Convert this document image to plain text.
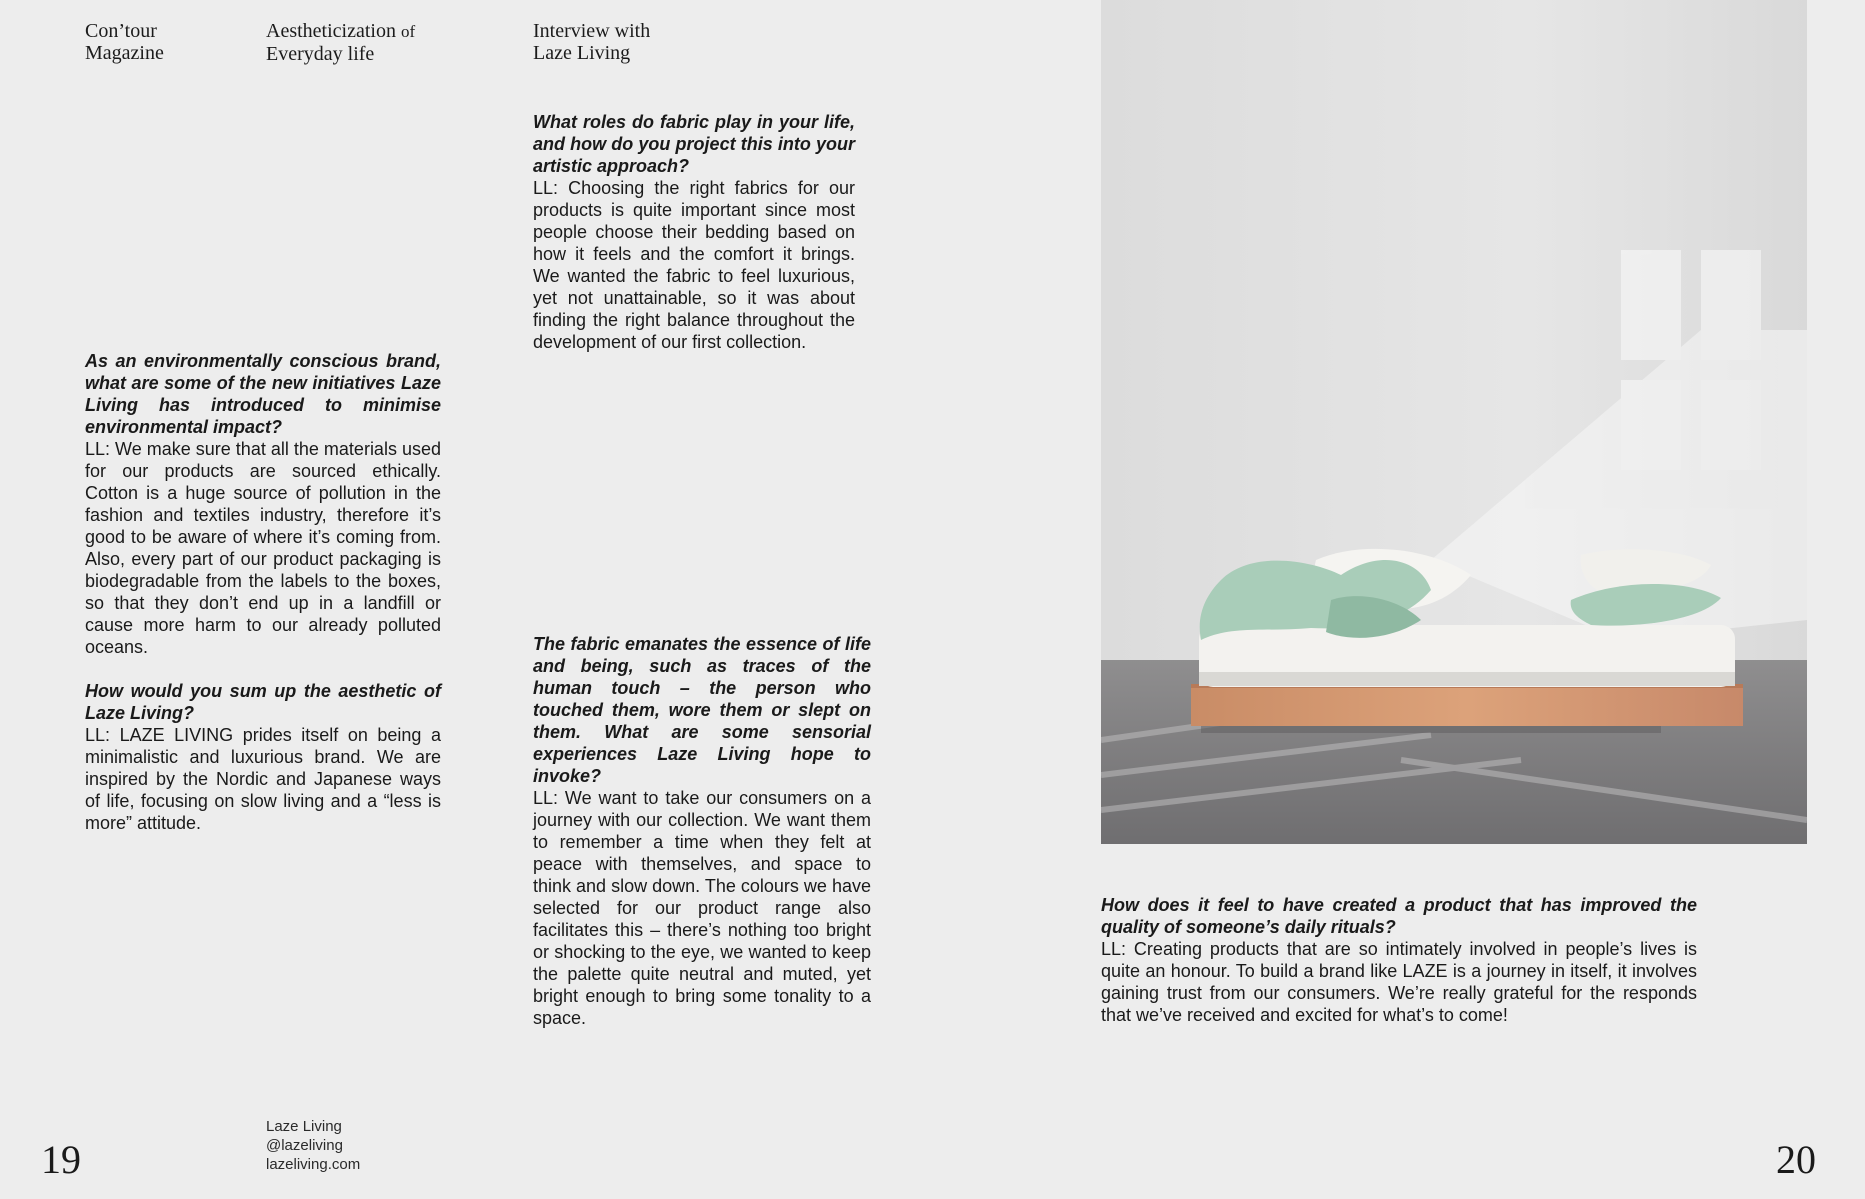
Con’tour
Magazine
Aestheticization of
Everyday life
Interview with
Laze Living
As an environmentally conscious brand, what are some of the new initiatives Laze Living has introduced to minimise environmental impact?
LL: We make sure that all the materials used for our products are sourced ethically. Cotton is a huge source of pollution in the fashion and textiles industry, therefore it’s good to be aware of where it’s coming from. Also, every part of our product packaging is biodegradable from the labels to the boxes, so that they don’t end up in a landfill or cause more harm to our already polluted oceans.
How would you sum up the aesthetic of Laze Living?
LL: LAZE LIVING prides itself on being a minimalistic and luxurious brand. We are inspired by the Nordic and Japanese ways of life, focusing on slow living and a “less is more” attitude.
What roles do fabric play in your life, and how do you project this into your artistic approach?
LL: Choosing the right fabrics for our products is quite important since most people choose their bedding based on how it feels and the comfort it brings. We wanted the fabric to feel luxurious, yet not unattainable, so it was about finding the right balance throughout the development of our first collection.
The fabric emanates the essence of life and being, such as traces of the human touch – the person who touched them, wore them or slept on them. What are some sensorial experiences Laze Living hope to invoke?
LL: We want to take our consumers on a journey with our collection. We want them to remember a time when they felt at peace with themselves, and space to think and slow down. The colours we have selected for our product range also facilitates this – there’s nothing too bright or shocking to the eye, we wanted to keep the palette quite neutral and muted, yet bright enough to bring some tonality to a space.
How does it feel to have created a product that has improved the quality of someone’s daily rituals?
LL: Creating products that are so intimately involved in people’s lives is quite an honour. To build a brand like LAZE is a journey in itself, it involves gaining trust from our consumers. We’re really grateful for the responds that we’ve received and excited for what’s to come!
Laze Living
@lazeliving
lazeliving.com
19	20
